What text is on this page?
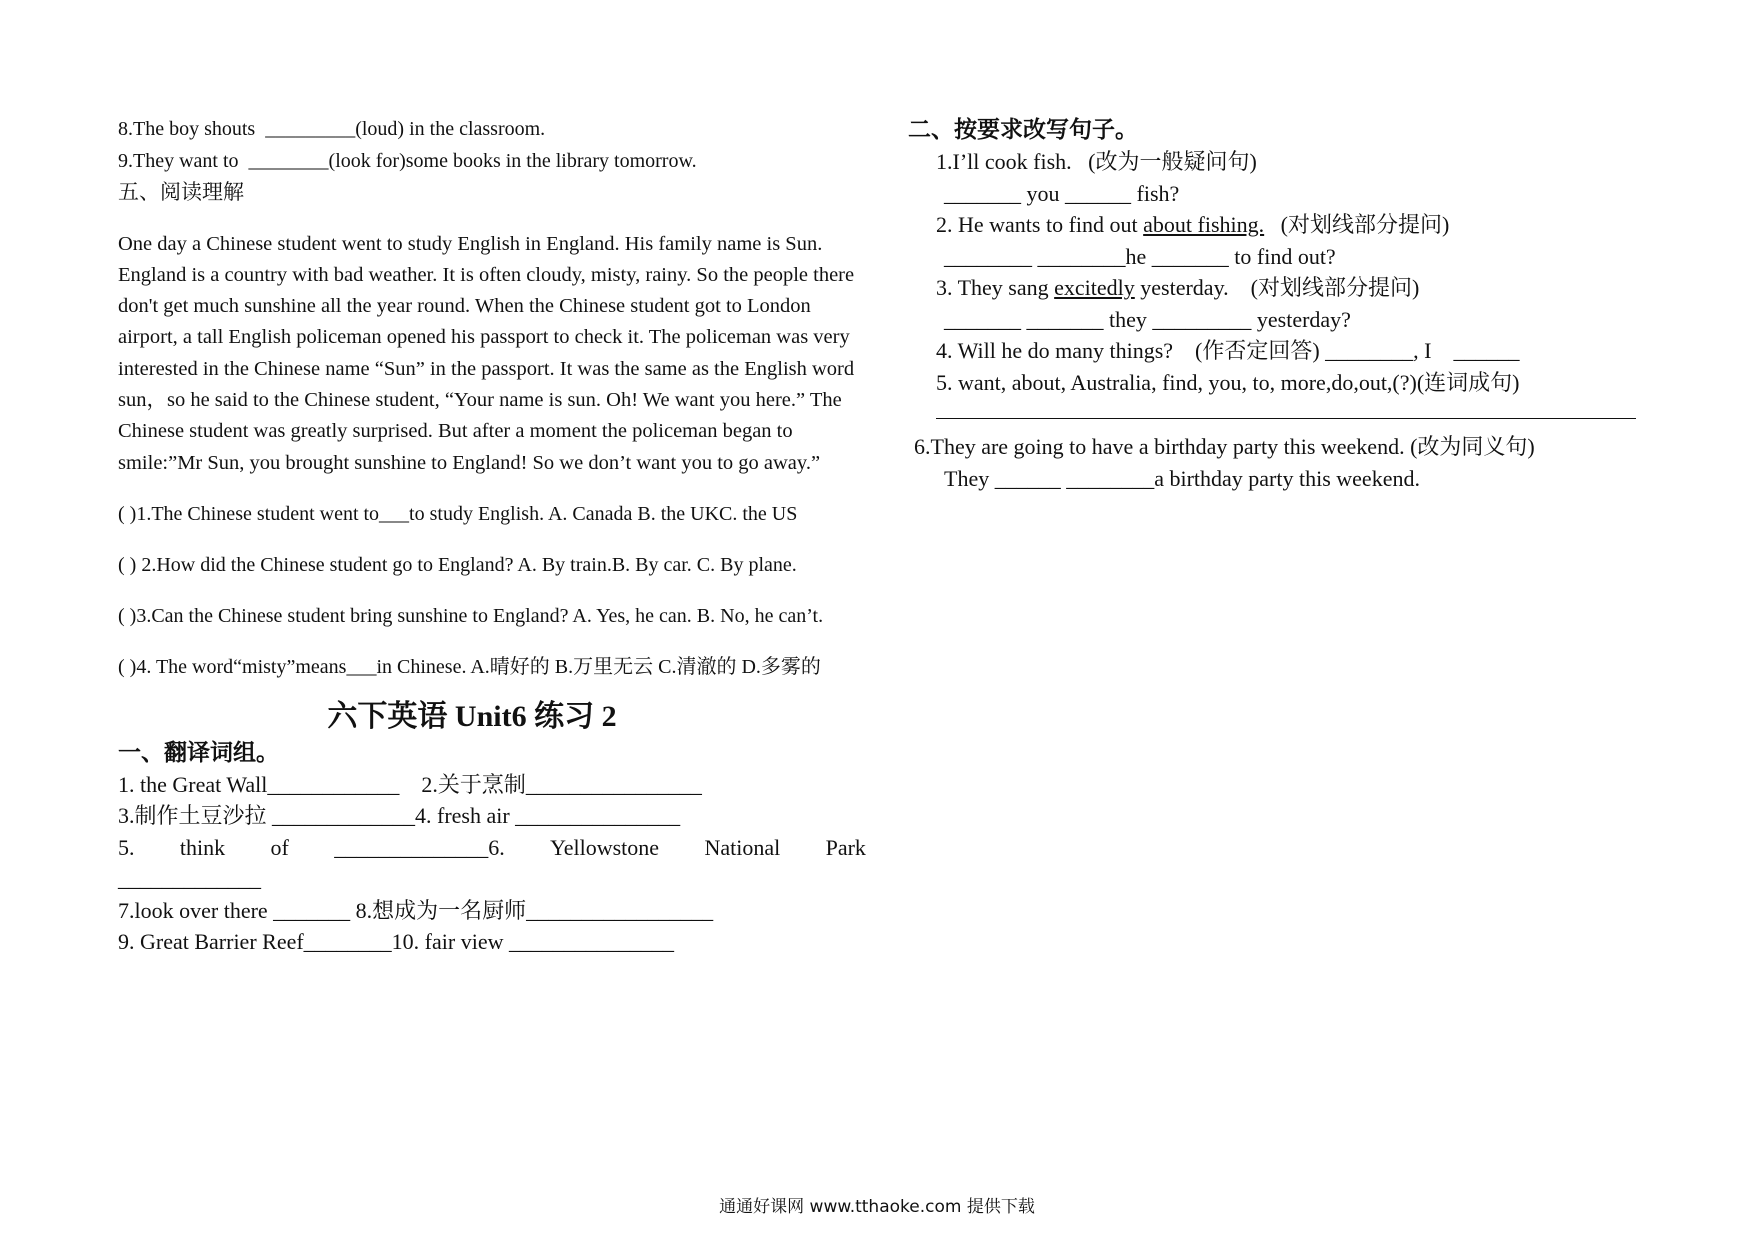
8.The boy shouts  _________(loud) in the classroom.

9.They want to  ________(look for)some books in the library tomorrow.

五、阅读理解

One day a Chinese student went to study English in England. His family name is Sun. England is a country with bad weather. It is often cloudy, misty, rainy. So the people there don't get much sunshine all the year round. When the Chinese student got to London airport, a tall English policeman opened his passport to check it. The policeman was very interested in the Chinese name “Sun” in the passport. It was the same as the English word sun，so he said to the Chinese student, “Your name is sun. Oh! We want you here.” The Chinese student was greatly surprised. But after a moment the policeman began to smile:”Mr Sun, you brought sunshine to England! So we don’t want you to go away.”

( )1.The Chinese student went to___to study English. A. Canada B. the UKC. the US

( ) 2.How did the Chinese student go to England? A. By train.B. By car. C. By plane.

( )3.Can the Chinese student bring sunshine to England? A. Yes, he can. B. No, he can’t.

( )4. The word“misty”means___in Chinese. A.晴好的 B.万里无云 C.清澈的 D.多雾的

六下英语 Unit6 练习 2

一、翻译词组。

1. the Great Wall____________    2.关于烹制________________

3.制作土豆沙拉 _____________4. fresh air _______________

5. think of ______________6. Yellowstone National Park

_____________

7.look over there _______ 8.想成为一名厨师_________________

9. Great Barrier Reef________10. fair view _______________

二、按要求改写句子。

1.I’ll cook fish.   (改为一般疑问句)

_______ you ______ fish?

2. He wants to find out about fishing.   (对划线部分提问)

________ ________he _______ to find out?

3. They sang excitedly yesterday.    (对划线部分提问)

_______ _______ they _________ yesterday?

4. Will he do many things?    (作否定回答) ________, I    ______

5. want, about, Australia, find, you, to, more,do,out,(?)(连词成句)

6.They are going to have a birthday party this weekend. (改为同义句)

They ______ ________a birthday party this weekend.

通通好课网 www.tthaoke.com 提供下载
